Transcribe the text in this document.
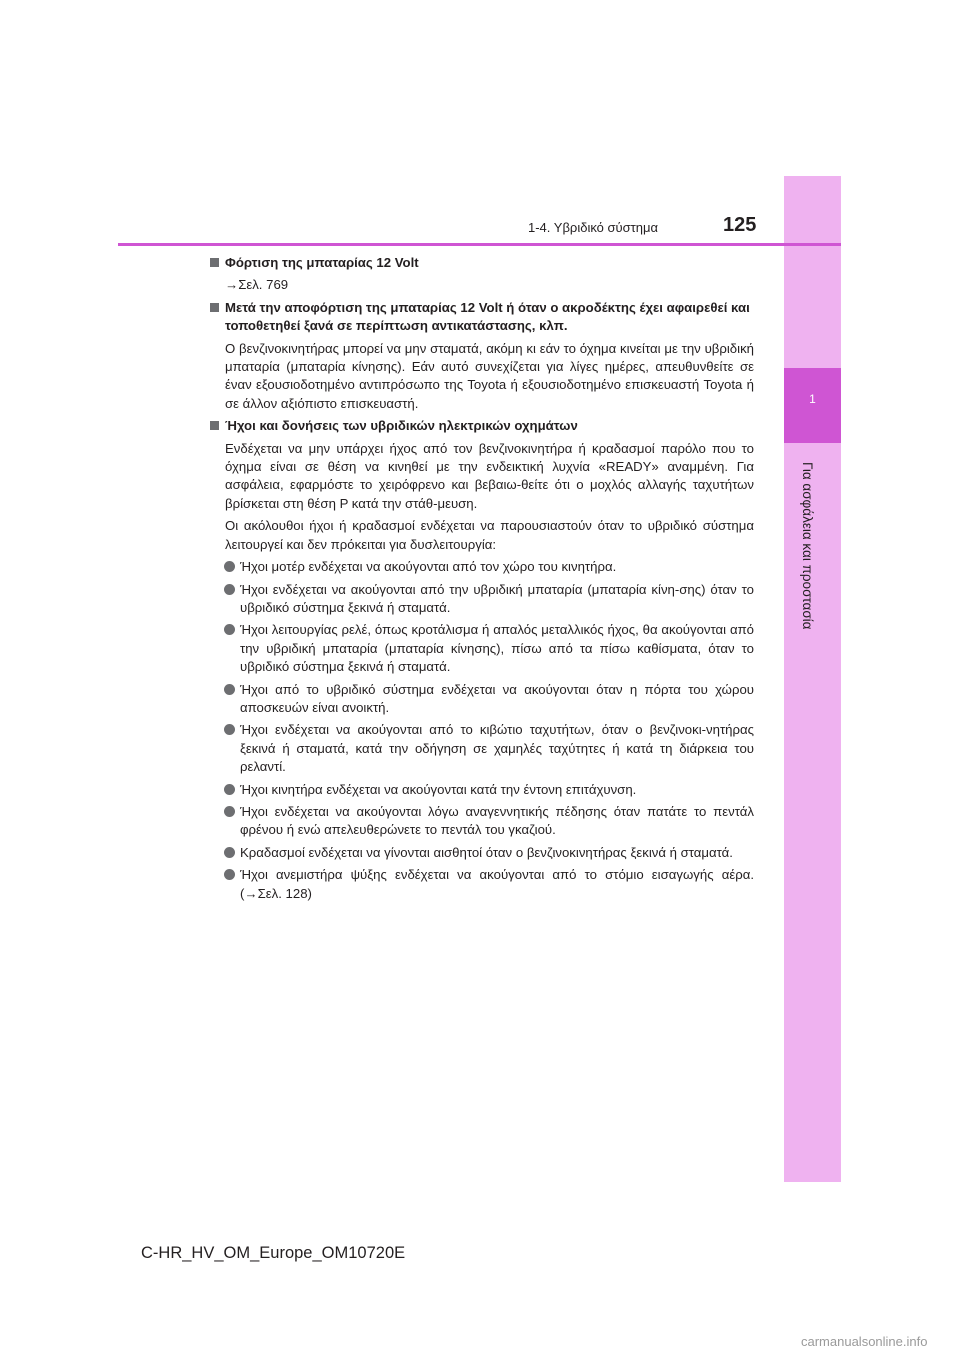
1
Για ασφάλεια και προστασία
1-4. Υβριδικό σύστημα	125
Φόρτιση της μπαταρίας 12 Volt
→Σελ. 769
Μετά την αποφόρτιση της μπαταρίας 12 Volt ή όταν ο ακροδέκτης έχει αφαιρεθεί και τοποθετηθεί ξανά σε περίπτωση αντικατάστασης, κλπ.
Ο βενζινοκινητήρας μπορεί να μην σταματά, ακόμη κι εάν το όχημα κινείται με την υβριδική μπαταρία (μπαταρία κίνησης). Εάν αυτό συνεχίζεται για λίγες ημέρες, απευθυνθείτε σε έναν εξουσιοδοτημένο αντιπρόσωπο της Toyota ή εξουσιοδοτημένο επισκευαστή Toyota ή σε άλλον αξιόπιστο επισκευαστή.
Ήχοι και δονήσεις των υβριδικών ηλεκτρικών οχημάτων
Ενδέχεται να μην υπάρχει ήχος από τον βενζινοκινητήρα ή κραδασμοί παρόλο που το όχημα είναι σε θέση να κινηθεί με την ενδεικτική λυχνία «READY» αναμμένη. Για ασφάλεια, εφαρμόστε το χειρόφρενο και βεβαιω-θείτε ότι ο μοχλός αλλαγής ταχυτήτων βρίσκεται στη θέση P κατά την στάθ-μευση.
Οι ακόλουθοι ήχοι ή κραδασμοί ενδέχεται να παρουσιαστούν όταν το υβριδικό σύστημα λειτουργεί και δεν πρόκειται για δυσλειτουργία:
Ήχοι μοτέρ ενδέχεται να ακούγονται από τον χώρο του κινητήρα.
Ήχοι ενδέχεται να ακούγονται από την υβριδική μπαταρία (μπαταρία κίνη-σης) όταν το υβριδικό σύστημα ξεκινά ή σταματά.
Ήχοι λειτουργίας ρελέ, όπως κροτάλισμα ή απαλός μεταλλικός ήχος, θα ακούγονται από την υβριδική μπαταρία (μπαταρία κίνησης), πίσω από τα πίσω καθίσματα, όταν το υβριδικό σύστημα ξεκινά ή σταματά.
Ήχοι από το υβριδικό σύστημα ενδέχεται να ακούγονται όταν η πόρτα του χώρου αποσκευών είναι ανοικτή.
Ήχοι ενδέχεται να ακούγονται από το κιβώτιο ταχυτήτων, όταν ο βενζινοκι-νητήρας ξεκινά ή σταματά, κατά την οδήγηση σε χαμηλές ταχύτητες ή κατά τη διάρκεια του ρελαντί.
Ήχοι κινητήρα ενδέχεται να ακούγονται κατά την έντονη επιτάχυνση.
Ήχοι ενδέχεται να ακούγονται λόγω αναγεννητικής πέδησης όταν πατάτε το πεντάλ φρένου ή ενώ απελευθερώνετε το πεντάλ του γκαζιού.
Κραδασμοί ενδέχεται να γίνονται αισθητοί όταν ο βενζινοκινητήρας ξεκινά ή σταματά.
Ήχοι ανεμιστήρα ψύξης ενδέχεται να ακούγονται από το στόμιο εισαγωγής αέρα. (→Σελ. 128)
C-HR_HV_OM_Europe_OM10720E
carmanualsonline.info
